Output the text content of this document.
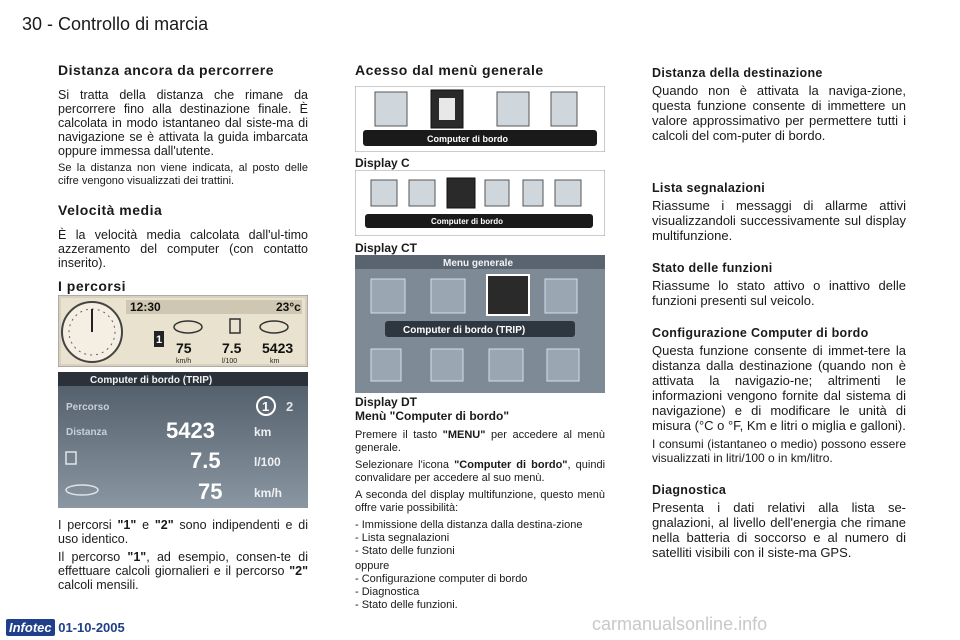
30 - Controllo di marcia
Distanza ancora da percorrere
Si tratta della distanza che rimane da percorrere fino alla destinazione finale. È calcolata in modo istantaneo dal siste-ma di navigazione se è attivata la guida imbarcata oppure immessa dall'utente.
Se la distanza non viene indicata, al posto delle cifre vengono visualizzati dei trattini.
Velocità media
È la velocità media calcolata dall'ul-timo azzeramento del computer (con contatto inserito).
I percorsi
12:30	23°c
1 75 7.5 5423
km/h	l/100	km
Computer di bordo (TRIP)
Percorso	1 2
Distanza	5423	km
7.5	l/100
75	km/h
I percorsi "1" e "2" sono indipendenti e di uso identico.
Il percorso "1", ad esempio, consen-te di effettuare calcoli giornalieri e il percorso "2" calcoli mensili.
Acesso dal menù generale
Computer di bordo
Display C
Computer di bordo
Display CT
Menu generale
Computer di bordo (TRIP)
Display DT
Menù "Computer di bordo"
Premere il tasto "MENU" per accedere al menù generale.
Selezionare l'icona "Computer di bordo", quindi convalidare per accedere al suo menù.
A seconda del display multifunzione, questo menù offre varie possibilità:
- Immissione della distanza dalla destina-zione
- Lista segnalazioni
- Stato delle funzioni
oppure
- Configurazione computer di bordo
- Diagnostica
- Stato delle funzioni.
Distanza della destinazione
Quando non è attivata la naviga-zione, questa funzione consente di immettere un valore approssimativo per permettere tutti i calcoli del com-puter di bordo.
Lista segnalazioni
Riassume i messaggi di allarme attivi visualizzandoli successivamente sul display multifunzione.
Stato delle funzioni
Riassume lo stato attivo o inattivo delle funzioni presenti sul veicolo.
Configurazione Computer di bordo
Questa funzione consente di immet-tere la distanza dalla destinazione (quando non è attivata la navigazio-ne; altrimenti le informazioni vengono fornite dal sistema di navigazione) e di modificare le unità di misura (°C o °F, Km e litri o miglia e galloni).
I consumi (istantaneo o medio) possono essere visualizzati in litri/100 o in km/litro.
Diagnostica
Presenta i dati relativi alla lista se-gnalazioni, al livello dell'energia che rimane nella batteria di soccorso e al numero di satelliti visibili con il siste-ma GPS.
Infotec 01-10-2005	carmanualsonline.info
